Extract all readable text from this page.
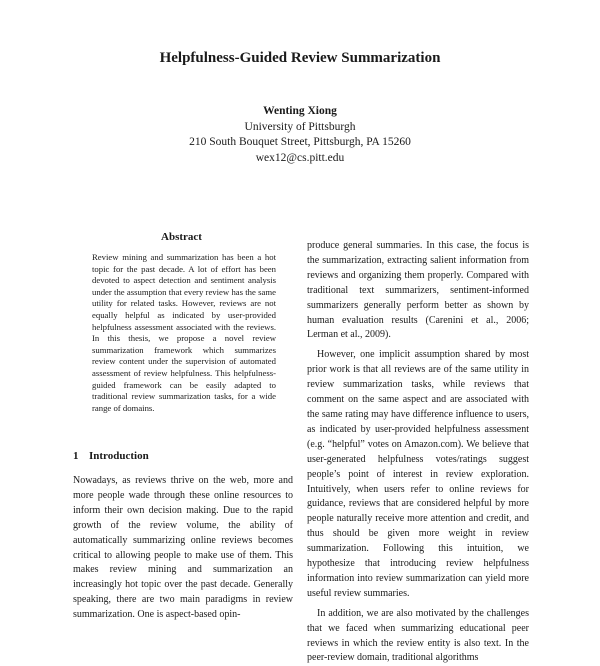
Helpfulness-Guided Review Summarization
Wenting Xiong
University of Pittsburgh
210 South Bouquet Street, Pittsburgh, PA 15260
wex12@cs.pitt.edu
Abstract

Review mining and summarization has been a hot topic for the past decade. A lot of effort has been devoted to aspect detection and sentiment analysis under the assumption that every review has the same utility for related tasks. However, reviews are not equally helpful as indicated by user-provided helpfulness assessment associated with the reviews. In this thesis, we propose a novel review summarization framework which summarizes review content under the supervision of automated assessment of review helpfulness. This helpfulness-guided framework can be easily adapted to traditional review summarization tasks, for a wide range of domains.

1 Introduction

Nowadays, as reviews thrive on the web, more and more people wade through these online resources to inform their own decision making. Due to the rapid growth of the review volume, the ability of automatically summarizing online reviews becomes critical to allowing people to make use of them. This makes review mining and summarization an increasingly hot topic over the past decade. Generally speaking, there are two main paradigms in review summarization. One is aspect-based opin-

produce general summaries. In this case, the focus is the summarization, extracting salient information from reviews and organizing them properly. Compared with traditional text summarizers, sentiment-informed summarizers generally perform better as shown by human evaluation results (Carenini et al., 2006; Lerman et al., 2009).

However, one implicit assumption shared by most prior work is that all reviews are of the same utility in review summarization tasks, while reviews that comment on the same aspect and are associated with the same rating may have difference influence to users, as indicated by user-provided helpfulness assessment (e.g. “helpful” votes on Amazon.com). We believe that user-generated helpfulness votes/ratings suggest people’s point of interest in review exploration. Intuitively, when users refer to online reviews for guidance, reviews that are considered helpful by more people naturally receive more attention and credit, and thus should be given more weight in review summarization. Following this intuition, we hypothesize that introducing review helpfulness information into review summarization can yield more useful review summaries.

In addition, we are also motivated by the challenges that we faced when summarizing educational peer reviews in which the review entity is also text. In the peer-review domain, traditional algorithms
